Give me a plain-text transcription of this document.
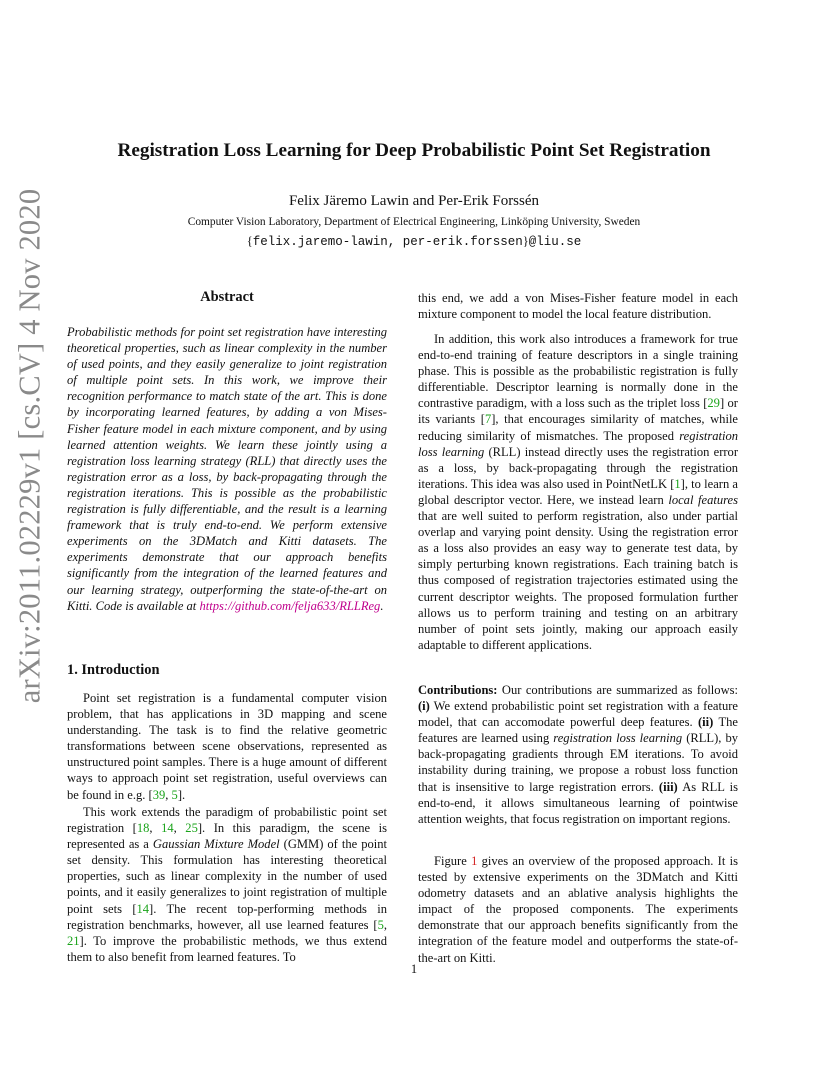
arXiv:2011.02229v1 [cs.CV] 4 Nov 2020
Registration Loss Learning for Deep Probabilistic Point Set Registration
Felix Järemo Lawin and Per-Erik Forssén
Computer Vision Laboratory, Department of Electrical Engineering, Linköping University, Sweden
{felix.jaremo-lawin, per-erik.forssen}@liu.se
Abstract

Probabilistic methods for point set registration have interesting theoretical properties, such as linear complexity in the number of used points, and they easily generalize to joint registration of multiple point sets. In this work, we improve their recognition performance to match state of the art. This is done by incorporating learned features, by adding a von Mises-Fisher feature model in each mixture component, and by using learned attention weights. We learn these jointly using a registration loss learning strategy (RLL) that directly uses the registration error as a loss, by back-propagating through the registration iterations. This is possible as the probabilistic registration is fully differentiable, and the result is a learning framework that is truly end-to-end. We perform extensive experiments on the 3DMatch and Kitti datasets. The experiments demonstrate that our approach benefits significantly from the integration of the learned features and our learning strategy, outperforming the state-of-the-art on Kitti. Code is available at https://github.com/felja633/RLLReg.

1. Introduction

Point set registration is a fundamental computer vision problem, that has applications in 3D mapping and scene understanding. The task is to find the relative geometric transformations between scene observations, represented as unstructured point samples. There is a huge amount of different ways to approach point set registration, useful overviews can be found in e.g. [39, 5].

This work extends the paradigm of probabilistic point set registration [18, 14, 25]. In this paradigm, the scene is represented as a Gaussian Mixture Model (GMM) of the point set density. This formulation has interesting theoretical properties, such as linear complexity in the number of used points, and it easily generalizes to joint registration of multiple point sets [14]. The recent top-performing methods in registration benchmarks, however, all use learned features [5, 21]. To improve the probabilistic methods, we thus extend them to also benefit from learned features. To

this end, we add a von Mises-Fisher feature model in each mixture component to model the local feature distribution.

In addition, this work also introduces a framework for true end-to-end training of feature descriptors in a single training phase. This is possible as the probabilistic registration is fully differentiable. Descriptor learning is normally done in the contrastive paradigm, with a loss such as the triplet loss [29] or its variants [7], that encourages similarity of matches, while reducing similarity of mismatches. The proposed registration loss learning (RLL) instead directly uses the registration error as a loss, by back-propagating through the registration iterations. This idea was also used in PointNetLK [1], to learn a global descriptor vector. Here, we instead learn local features that are well suited to perform registration, also under partial overlap and varying point density. Using the registration error as a loss also provides an easy way to generate test data, by simply perturbing known registrations. Each training batch is thus composed of registration trajectories estimated using the current descriptor weights. The proposed formulation further allows us to perform training and testing on an arbitrary number of point sets jointly, making our approach easily adaptable to different applications.

Contributions: Our contributions are summarized as follows: (i) We extend probabilistic point set registration with a feature model, that can accomodate powerful deep features. (ii) The features are learned using registration loss learning (RLL), by back-propagating gradients through EM iterations. To avoid instability during training, we propose a robust loss function that is insensitive to large registration errors. (iii) As RLL is end-to-end, it allows simultaneous learning of pointwise attention weights, that focus registration on important regions.

Figure 1 gives an overview of the proposed approach. It is tested by extensive experiments on the 3DMatch and Kitti odometry datasets and an ablative analysis highlights the impact of the proposed components. The experiments demonstrate that our approach benefits significantly from the integration of the feature model and outperforms the state-of-the-art on Kitti.

1
